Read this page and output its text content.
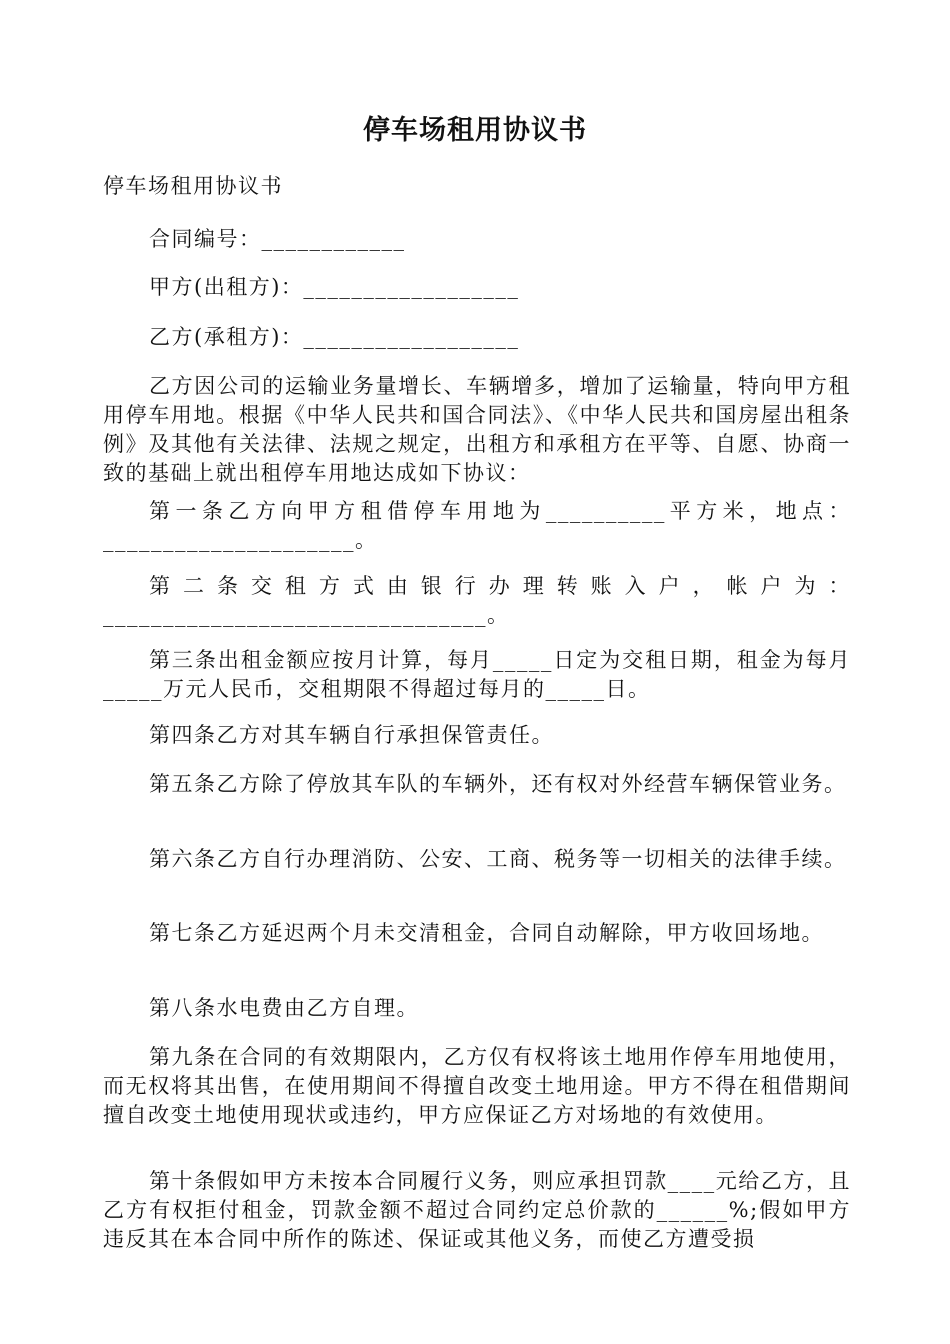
停车场租用协议书

停车场租用协议书

合同编号：____________

甲方(出租方)：__________________

乙方(承租方)：__________________

乙方因公司的运输业务量增长、车辆增多，增加了运输量，特向甲方租用停车用地。根据《中华人民共和国合同法》、《中华人民共和国房屋出租条例》及其他有关法律、法规之规定，出租方和承租方在平等、自愿、协商一致的基础上就出租停车用地达成如下协议：

第一条乙方向甲方租借停车用地为__________平方米，地点：_____________________。

第二条交租方式由银行办理转账入户，帐户为：________________________________。

第三条出租金额应按月计算，每月_____日定为交租日期，租金为每月_____万元人民币，交租期限不得超过每月的_____日。

第四条乙方对其车辆自行承担保管责任。

第五条乙方除了停放其车队的车辆外，还有权对外经营车辆保管业务。

第六条乙方自行办理消防、公安、工商、税务等一切相关的法律手续。

第七条乙方延迟两个月未交清租金，合同自动解除，甲方收回场地。

第八条水电费由乙方自理。

第九条在合同的有效期限内，乙方仅有权将该土地用作停车用地使用，而无权将其出售，在使用期间不得擅自改变土地用途。甲方不得在租借期间擅自改变土地使用现状或违约，甲方应保证乙方对场地的有效使用。

第十条假如甲方未按本合同履行义务，则应承担罚款____元给乙方，且乙方有权拒付租金，罚款金额不超过合同约定总价款的______%;假如甲方违反其在本合同中所作的陈述、保证或其他义务，而使乙方遭受损
